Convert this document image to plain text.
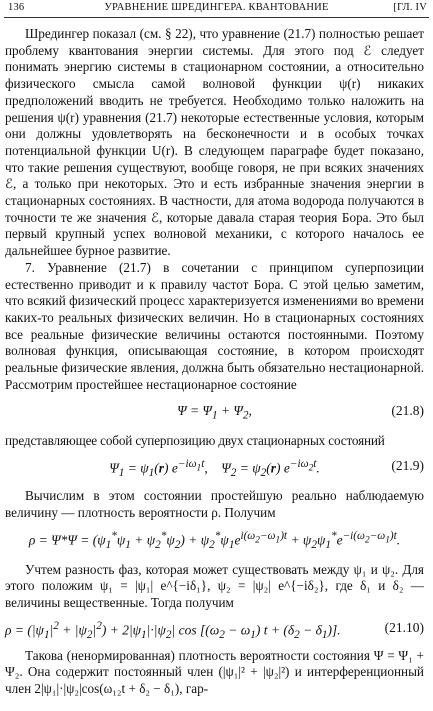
136	УРАВНЕНИЕ ШРЕДИНГЕРА. КВАНТОВАНИЕ	[ГЛ. IV

Шредингер показал (см. § 22), что уравнение (21.7) полностью решает проблему квантования энергии системы. Для этого под ℰ следует понимать энергию системы в стационарном состоянии, а относительно физического смысла самой волновой функции ψ(r) никаких предположений вводить не требуется. Необходимо только наложить на решения ψ(r) уравнения (21.7) некоторые естественные условия, которым они должны удовлетворять на бесконечности и в особых точках потенциальной функции U(r). В следующем параграфе будет показано, что такие решения существуют, вообще говоря, не при всяких значениях ℰ, а только при некоторых. Это и есть избранные значения энергии в стационарных состояниях. В частности, для атома водорода получаются в точности те же значения ℰ, которые давала старая теория Бора. Это был первый крупный успех волновой механики, с которого началось ее дальнейшее бурное развитие.

7. Уравнение (21.7) в сочетании с принципом суперпозиции естественно приводит и к правилу частот Бора. С этой целью заметим, что всякий физический процесс характеризуется изменениями во времени каких-то реальных физических величин. Но в стационарных состояниях все реальные физические величины остаются постоянными. Поэтому волновая функция, описывающая состояние, в котором происходят реальные физические явления, должна быть обязательно нестационарной. Рассмотрим простейшее нестационарное состояние

$\Psi = \Psi_1 + \Psi_2$,	(21.8)

представляющее собой суперпозицию двух стационарных состояний

$\Psi_1 = \psi_1(r)$ $e^{-i\omega_1t}$,    $\Psi_2 = \psi_2(r)$ $e^{-i\omega_2t}$.	(21.9)

Вычислим в этом состоянии простейшую реально наблюдаемую величину — плотность вероятности ρ. Получим

$\rho = \Psi*\Psi = (\psi_1^*\psi_1 + \psi_2^*\psi_2) + \psi_2^*\psi_1e^{i(\omega_2-\omega_1)t} + \psi_2\psi_1^*e^{-i(\omega_2-\omega_1)t}$.

Учтем разность фаз, которая может существовать между ψ₁ и ψ₂. Для этого положим ψ₁ = |ψ₁| e^{−iδ₁}, ψ₂ = |ψ₂| e^{−iδ₂}, где δ₁ и δ₂ — величины вещественные. Тогда получим

$\rho = (|\psi_1|^2 + |\psi_2|^2) + 2|\psi_1|\cdot|\psi_2|$ $\cos [(\omega_2 - \omega_1) t + (\delta_2 - \delta_1)]$.	(21.10)

Такова (ненормированная) плотность вероятности состояния Ψ = Ψ₁ + Ψ₂. Она содержит постоянный член (|ψ₁|² + |ψ₂|²) и интерференционный член 2|ψ₁|·|ψ₂|cos(ω₁₂t + δ₂ − δ₁), гар-
